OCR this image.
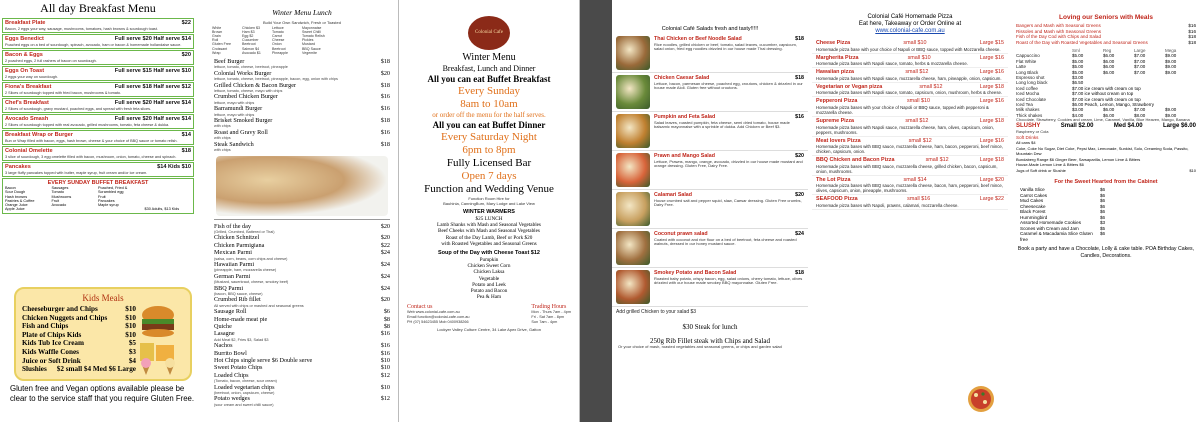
All day Breakfast Menu
Breakfast Plate	$22
Bacon, 2 eggs your way, sausage, mushrooms, tomatoes, hash browns & sourdough toast.
Eggs Benedict	Full serve $20 Half serve $14
Poached eggs on a bed of sourdough, spinach, avocado, ham or bacon & homemade hollandaise sauce.
Bacon & Eggs	$20
2 poached eggs, 2 full rashers of bacon on sourdough.
Eggs On Toast	Full serve $15 Half serve $10
2 eggs your way on sourdough.
Fiona's Breakfast	Full serve $18 Half serve $12
2 Slices of sourdough topped with fried bacon, mushrooms & tomato.
Chef's Breakfast	Full serve $20 Half serve $14
2 Slices of sourdough, gravy mustard, poached eggs, and spread with fresh feta slices.
Avocado Smash	Full serve $20 Half serve $14
2 Slices of sourdough topped with real avocado, grilled mushrooms, tomato, feta cheese & dukka.
Breakfast Wrap or Burger	$14
Bun or Wrap filled with bacon, eggs, hash brown, cheese & your choice of BBQ sauce or tomato relish.
Colonial Omelette	$18
3 slice of sourdough, 3 egg omelette filled with bacon, mushroom, onion, tomato, cheese and spinach.
Pancakes	$14 Kids $10
3 large fluffy pancakes topped with butter, maple syrup, fruit cream and/or ice cream.
EVERY SUNDAY BUFFET BREAKFAST
Bacon	Sausages	Poached, Fried &
Sour Dough	Tomato	Scrambled egg
Hash browns	Mushrooms	Fruit
Pastries & Coffee	Fruit	Pancakes
Orange Juice	Avocado	Maple syrup
Apple Juice	$30 Adults, $13 Kids
Kids Meals
Cheeseburger and Chips	$10
Chicken Nuggets and Chips $10
Fish and Chips	$10
Plate of Chips Kids	$10
Kids Tub Ice Cream	$5
Kids Waffle Cones	$3
Juice or Soft Drink	$4
Slushies $2 small $4 Med $6 Large
Gluten free and Vegan options available please be clear to the service staff that you require Gluten Free.
Winter Menu Lunch
Build Your Own Sandwich, Fresh or Toasted
White	Chicken $3	Lettuce	Mayonnaise
Brown	Ham $3	Tomato	Sweet Chilli
Grain	Egg $2	Carrot	Tomato Relish
Roll	Cucumber	Cheese	Pickles
Gluten Free	Beetroot	Onion	Mustard
Croissant	Salmon $4	Beetroot	BBQ Sauce
Wrap	Avocado $1	Pineapple	Vegemite
Beef Burger	$18
lettuce, tomato, cheese, beetroot, pineapple
Colonial Works Burger	$20
lettuce, tomato, cheese, beetroot, pineapple, bacon, egg, onion with chips
Grilled Chicken & Bacon Burger	$18
lettuce, tomato, cheese, mayo with chips
Crumbed Chicken Burger	$16
lettuce, mayo with chips
Barramundi Burger	$16
lettuce, mayo with chips
Brisket Smoked Burger	$18
with chips
Roast and Gravy Roll	$16
with chips
Steak Sandwich	$18
with chips
Fish of the day	$20
(Grilled, Crumbed, Battered or Thai)
Chicken Schnitzel	$20
Chicken Parmigiana	$22
Mexican Parmi	$24
(salsa, corn, beans, corn chips and cheese)
Hawaiian Parmi	$24
(pineapple, ham, mozzarella cheese)
German Parmi	$24
(Mustard, sauerkraut, cheese, smokey beef)
BBQ Parmi	$24
(bacon, BBQ sauce, cheese)
Crumbed Rib fillet	$20
All served with chips or mashed and seasonal greens
Sausage Roll	$6
Home-made meat pie	$8
Quiche	$8
Lasagne	$16
Add Meat $2, Fries $3, Salad $3
Nachos	$16
Burrito Bowl	$16
Hot Chips single serve $6 Double serve	$10
Sweet Potato Chips	$10
Loaded Chips	$12
(Tomato, bacon, cheese, sour cream)
Loaded vegetarian chips	$10
(beetroot, onion, capsicum, cheese)
Potato wedges	$12
(sour cream and sweet chilli sauce)
Colonial Cafe
Winter Menu
Breakfast, Lunch and Dinner
All you can eat Buffet Breakfast
Every Sunday
8am to 10am
or order off the menu for the half serves.
All you can eat Buffet Dinner
Every Saturday Night
6pm to 8pm
Fully Licensed Bar
Open 7 days
Function and Wedding Venue
Function Room Hire for
Bauhinia, CanningBurn, Mary Lodge and Lake View
WINTER WARMERS
$25 LUNCH
Lamb Shanks with Mash and Seasonal Vegetables
Beef Cheeks with Mash and Seasonal Vegetables
Roast of the Day Lamb, Beef or Pork $20
with Roasted Vegetables and Seasonal Greens
Soup of the Day with Cheese Toast $12
Pumpkin
Chicken Sweet Corn
Chicken Laksa
Vegetable
Potato and Leek
Potato and Bacon
Pea & Ham
Contact us
Web www.colonial-cafe.com.au
Email function@colonial-cafe.com.au
PH (07) 54623455 Mob 0400938266
Trading Hours
Mon - Thurs 7am - 4pm
Fri - Sat 7am - 8pm
Sun 7am - 4pm
Lockyer Valley Culture Centre, 34 Lake Apex Drive, Gatton
Colonial Café Salads fresh and tasty!!!!!
Thai Chicken or Beef Noodle Salad	$18
Rice noodles, grilled chicken or beef, tomato, salad leaves, cucumber, capsicum, salad onion, fried egg noodles drizzled in our house made Thai dressing.
Chicken Caesar Salad	$18
Lettuce, bacon, parmesan cheese, poached egg, croutons, chicken & drizzled in our house made Aioli. Gluten free without croutons.
Pumpkin and Feta Salad	$16
Salad leaves, roasted pumpkin, feta cheese, semi dried tomato, house made balsamic mayonnaise with a sprinkle of dukka. Add Chicken or Beef $3.
Prawn and Mango Salad	$20
Lettuce, Prawns, mango, orange, avocado, drizzled in our house made mustard and orange dressing. Gluten Free, Dairy Free.
Calamari Salad	$20
House crumbed salt and pepper squid, slaw, Caesar dressing. Gluten Free crumbs, Dairy Free.
Coconut prawn salad	$24
Coated with coconut and rice flour on a bed of beetroot, feta cheese and roasted walnuts, dressed in our honey mustard sauce.
Smokey Potato and Bacon Salad	$18
Roasted baby potato, crispy bacon, egg, salad onions, cherry tomato, lettuce, olives drizzled with our house made smokey BBQ mayonnaise. Gluten Free.
Add grilled Chicken to your salad $3
$30 Steak for lunch
250g Rib Fillet steak with Chips and Salad
Or your choice of mash, roasted vegetables and seasonal greens, or chips and garden salad
Colonial Café Homemade Pizza
Eat here, Takeaway or Order Online at
www.colonial-cafe.com.au
Cheese Pizza	small $10	Large $15
Homemade pizza base with your choice of Napoli or BBQ sauce, topped with Mozzarella cheese.
Margherita Pizza	small $10	Large $16
Homemade pizza bases with Napoli sauce, tomato, herbs & mozzarella cheese.
Hawaiian pizza	small $12	Large $16
Homemade pizza bases with Napoli sauce, mozzarella cheese, ham, pineapple, onion, capsicum.
Vegetarian or Vegan pizza	small $12	Large $18
Homemade pizza bases with Napoli sauce, tomato, capsicum, onion, mushroom, herbs & cheese.
Pepperoni Pizza	small $10	Large $16
Homemade pizza bases with your choice of Napoli or BBQ sauce, topped with pepperoni & mozzarella cheese.
Supreme Pizza	small $12	Large $18
Homemade pizza bases with Napoli sauce, mozzarella cheese, ham, olives, capsicum, onion, peppers, mushrooms.
Meat lovers Pizza	small $12	Large $16
Homemade pizza bases with BBQ sauce, mozzarella cheese, ham, bacon, pepperoni, beef mince, chicken, capsicum, onion.
BBQ Chicken and Bacon Pizza	small $12	Large $18
Homemade pizza bases with BBQ sauce, mozzarella cheese, grilled chicken, bacon, capsicum, onion, mushrooms.
The Lot Pizza	small $14	Large $20
Homemade pizza bases with BBQ sauce, mozzarella cheese, bacon, ham, pepperoni, beef mince, olives, capsicum, onion, pineapple, mushrooms.
SEAFOOD Pizza	small $16	Large $22
Homemade pizza bases with Napoli, prawns, calamari, mozzarella cheese.
Loving our Seniors with Meals
Bangers and Mash with Seasonal Greens	$16
Rissoles and Mash with Seasonal Greens	$16
Fish of the Day Cod with Chips and Salad	$18
Roast of the Day with Roasted Vegetables and Seasonal Greens	$18
Sml	Reg	Large	Mega
Cappuccino	$5.00	$6.00	$7.00	$9.00
Flat White	$5.00	$6.00	$7.00	$9.00
Latte	$5.00	$6.00	$7.00	$9.00
Long Black	$5.00	$6.00	$7.00	$9.00
Espresso shot	$3.00
Long long black	$6.50
Iced coffee	$7.00 ice cream with cream on top
Iced Mocha	$7.00 ice without cream on top
Iced Chocolate	$7.00 ice cream with cream on top
Iced Tea	$6.00 Peach, Lemon, Mango, Strawberry
Milk shakes	$3.00	$6.00	$7.00	$9.00
Thick shakes	$4.00	$6.00	$8.00	$9.00
Chocolate, Strawberry, Cookies and cream, Lime, Caramel, Vanilla, Blue Heaven, Mango, Banana
SLUSHY	Small $2.00	Med $4.00	Large $6.00
Raspberry or Cola
Soft Drinks
All cans $4
Coke, Coke No Sugar, Diet Coke, Pepsi Max, Lemonade, Sunkist, Solo, Creaming Soda, Passito, Mountain Dew
Bundaberg Range $6 Ginger Beer, Sarsaparilla, Lemon Lime & Bitters
House-Made Lemon Lime & Bitters $6
Jugs of Soft drink or Slushie	$10
For the Sweet Hearted from the Cabinet
Vanilla Slice	$6
Carrot Cakes	$6
Mud Cakes	$6
Cheesecake	$6
Black Forest	$6
Hummingbird	$6
Assorted Homemade Cookies	$3
Scones with Cream and Jam	$5
Caramel & Macadamia Slice Gluten free
$6
Book a party and have a Chocolate, Lolly & cake table. POA Birthday Cakes, Candles, Decorations.
